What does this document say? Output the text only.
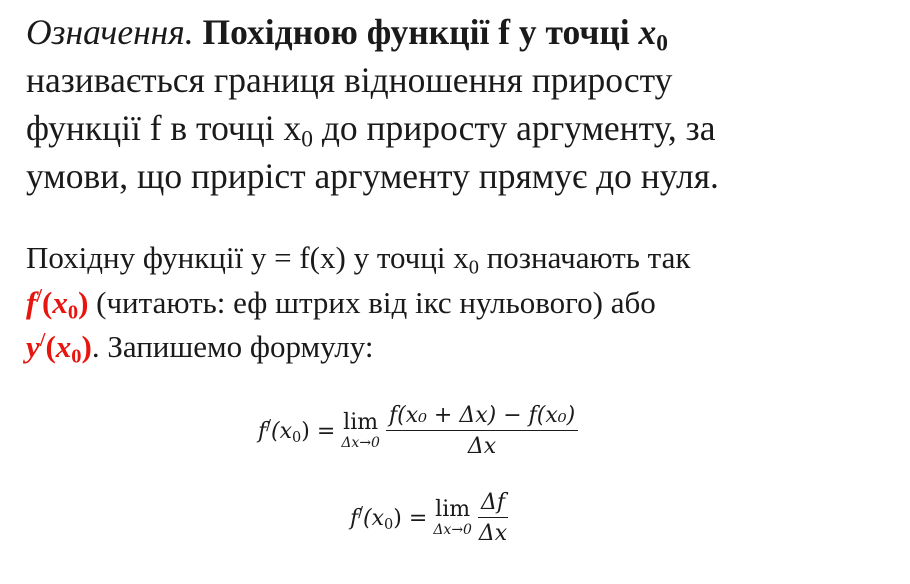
Означення. Похідною функції f у точці $x_0$
називається границя відношення приросту
функції f в точці $x_0$ до приросту аргументу, за
умови, що приріст аргументу прямує до нуля.
Похідну функції y = f(x) у точці $x_0$ позначають так
$f^/(x_0)$ (читають: еф штрих від ікс нульового) або
$y^/(x_0)$. Запишемо формулу:
$f^/(x_0) = \lim$
$\Delta x\to 0 \frac{\text{f(x₀ + Δx) − f(x₀)}}{\Delta x}$
$f^/(x_0) = \lim$
$\Delta x\to 0 \frac{\Delta f}{\Delta x}$
